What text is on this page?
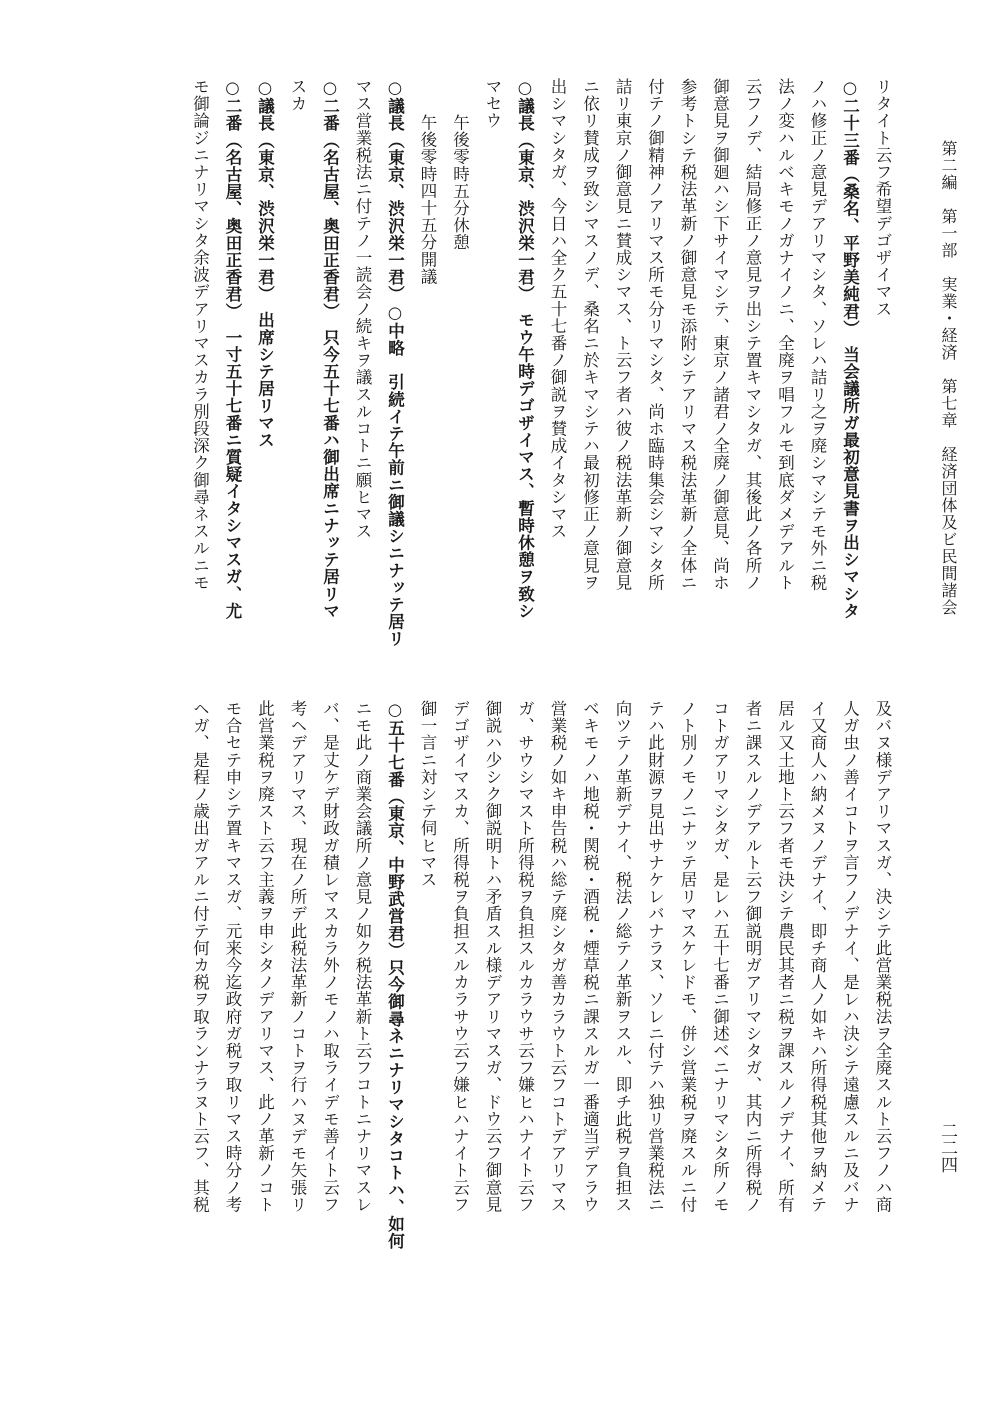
第二編　第一部　実業・経済　第七章　経済団体及ビ民間諸会
二二四
リタイト云フ希望デゴザイマス
○二十三番（桑名、平野美純君）　当会議所ガ最初意見書ヲ出シマシタ
ノハ修正ノ意見デアリマシタ、ソレハ詰リ之ヲ廃シマシテモ外ニ税
法ノ変ハルベキモノガナイノニ、全廃ヲ唱フルモ到底ダメデアルト
云フノデ、結局修正ノ意見ヲ出シテ置キマシタガ、其後此ノ各所ノ
御意見ヲ御廻ハシ下サイマシテ、東京ノ諸君ノ全廃ノ御意見、尚ホ
参考トシテ税法革新ノ御意見モ添附シテアリマス税法革新ノ全体ニ
付テノ御精神ノアリマス所モ分リマシタ、尚ホ臨時集会シマシタ所
詰リ東京ノ御意見ニ賛成シマス、ト云フ者ハ彼ノ税法革新ノ御意見
ニ依リ賛成ヲ致シマスノデ、桑名ニ於キマシテハ最初修正ノ意見ヲ
出シマシタガ、今日ハ全ク五十七番ノ御説ヲ賛成イタシマス
○議長（東京、渋沢栄一君）　モウ午時デゴザイマス、暫時休憩ヲ致シ
マセウ
午後零時五分休憩
午後零時四十五分開議
○議長（東京、渋沢栄一君）○中略　引続イテ午前ニ御議シニナッテ居リ
マス営業税法ニ付テノ一読会ノ続キヲ議スルコトニ願ヒマス
○二番（名古屋、奥田正香君）　只今五十七番ハ御出席ニナッテ居リマ
スカ
○議長（東京、渋沢栄一君）　出席シテ居リマス
○二番（名古屋、奥田正香君）　一寸五十七番ニ質疑イタシマスガ、尤
モ御論ジニナリマシタ余波デアリマスカラ別段深ク御尋ネスルニモ
及バヌ様デアリマスガ、決シテ此営業税法ヲ全廃スルト云フノハ商
人ガ虫ノ善イコトヲ言フノデナイ、是レハ決シテ遠慮スルニ及バナ
イ又商人ハ納メヌノデナイ、即チ商人ノ如キハ所得税其他ヲ納メテ
居ル又土地ト云フ者モ決シテ農民其者ニ税ヲ課スルノデナイ、所有
者ニ課スルノデアルト云フ御説明ガアリマシタガ、其内ニ所得税ノ
コトガアリマシタガ、是レハ五十七番ニ御述ベニナリマシタ所ノモ
ノト別ノモノニナッテ居リマスケレドモ、併シ営業税ヲ廃スルニ付
テハ此財源ヲ見出サナケレバナラヌ、ソレニ付テハ独リ営業税法ニ
向ツテノ革新デナイ、税法ノ総テノ革新ヲスル、即チ此税ヲ負担ス
ベキモノハ地税・関税・酒税・煙草税ニ課スルガ一番適当デアラウ
営業税ノ如キ申告税ハ総テ廃シタガ善カラウト云フコトデアリマス
ガ、サウシマスト所得税ヲ負担スルカラウサ云フ嫌ヒハナイト云フ
御説ハ少シク御説明トハ矛盾スル様デアリマスガ、ドウ云フ御意見
デゴザイマスカ、所得税ヲ負担スルカラサウ云フ嫌ヒハナイト云フ
御一言ニ対シテ伺ヒマス
○五十七番（東京、中野武営君）只今御尋ネニナリマシタコトハ、如何
ニモ此ノ商業会議所ノ意見ノ如ク税法革新ト云フコトニナリマスレ
バ、是丈ケデ財政ガ積レマスカラ外ノモノハ取ライデモ善イト云フ
考ヘデアリマス、現在ノ所デ此税法革新ノコトヲ行ハヌデモ矢張リ
此営業税ヲ廃スト云フ主義ヲ申シタノデアリマス、此ノ革新ノコト
モ合セテ申シテ置キマスガ、元来今迄政府ガ税ヲ取リマス時分ノ考
ヘガ、是程ノ歳出ガアルニ付テ何カ税ヲ取ランナラヌト云フ、其税
